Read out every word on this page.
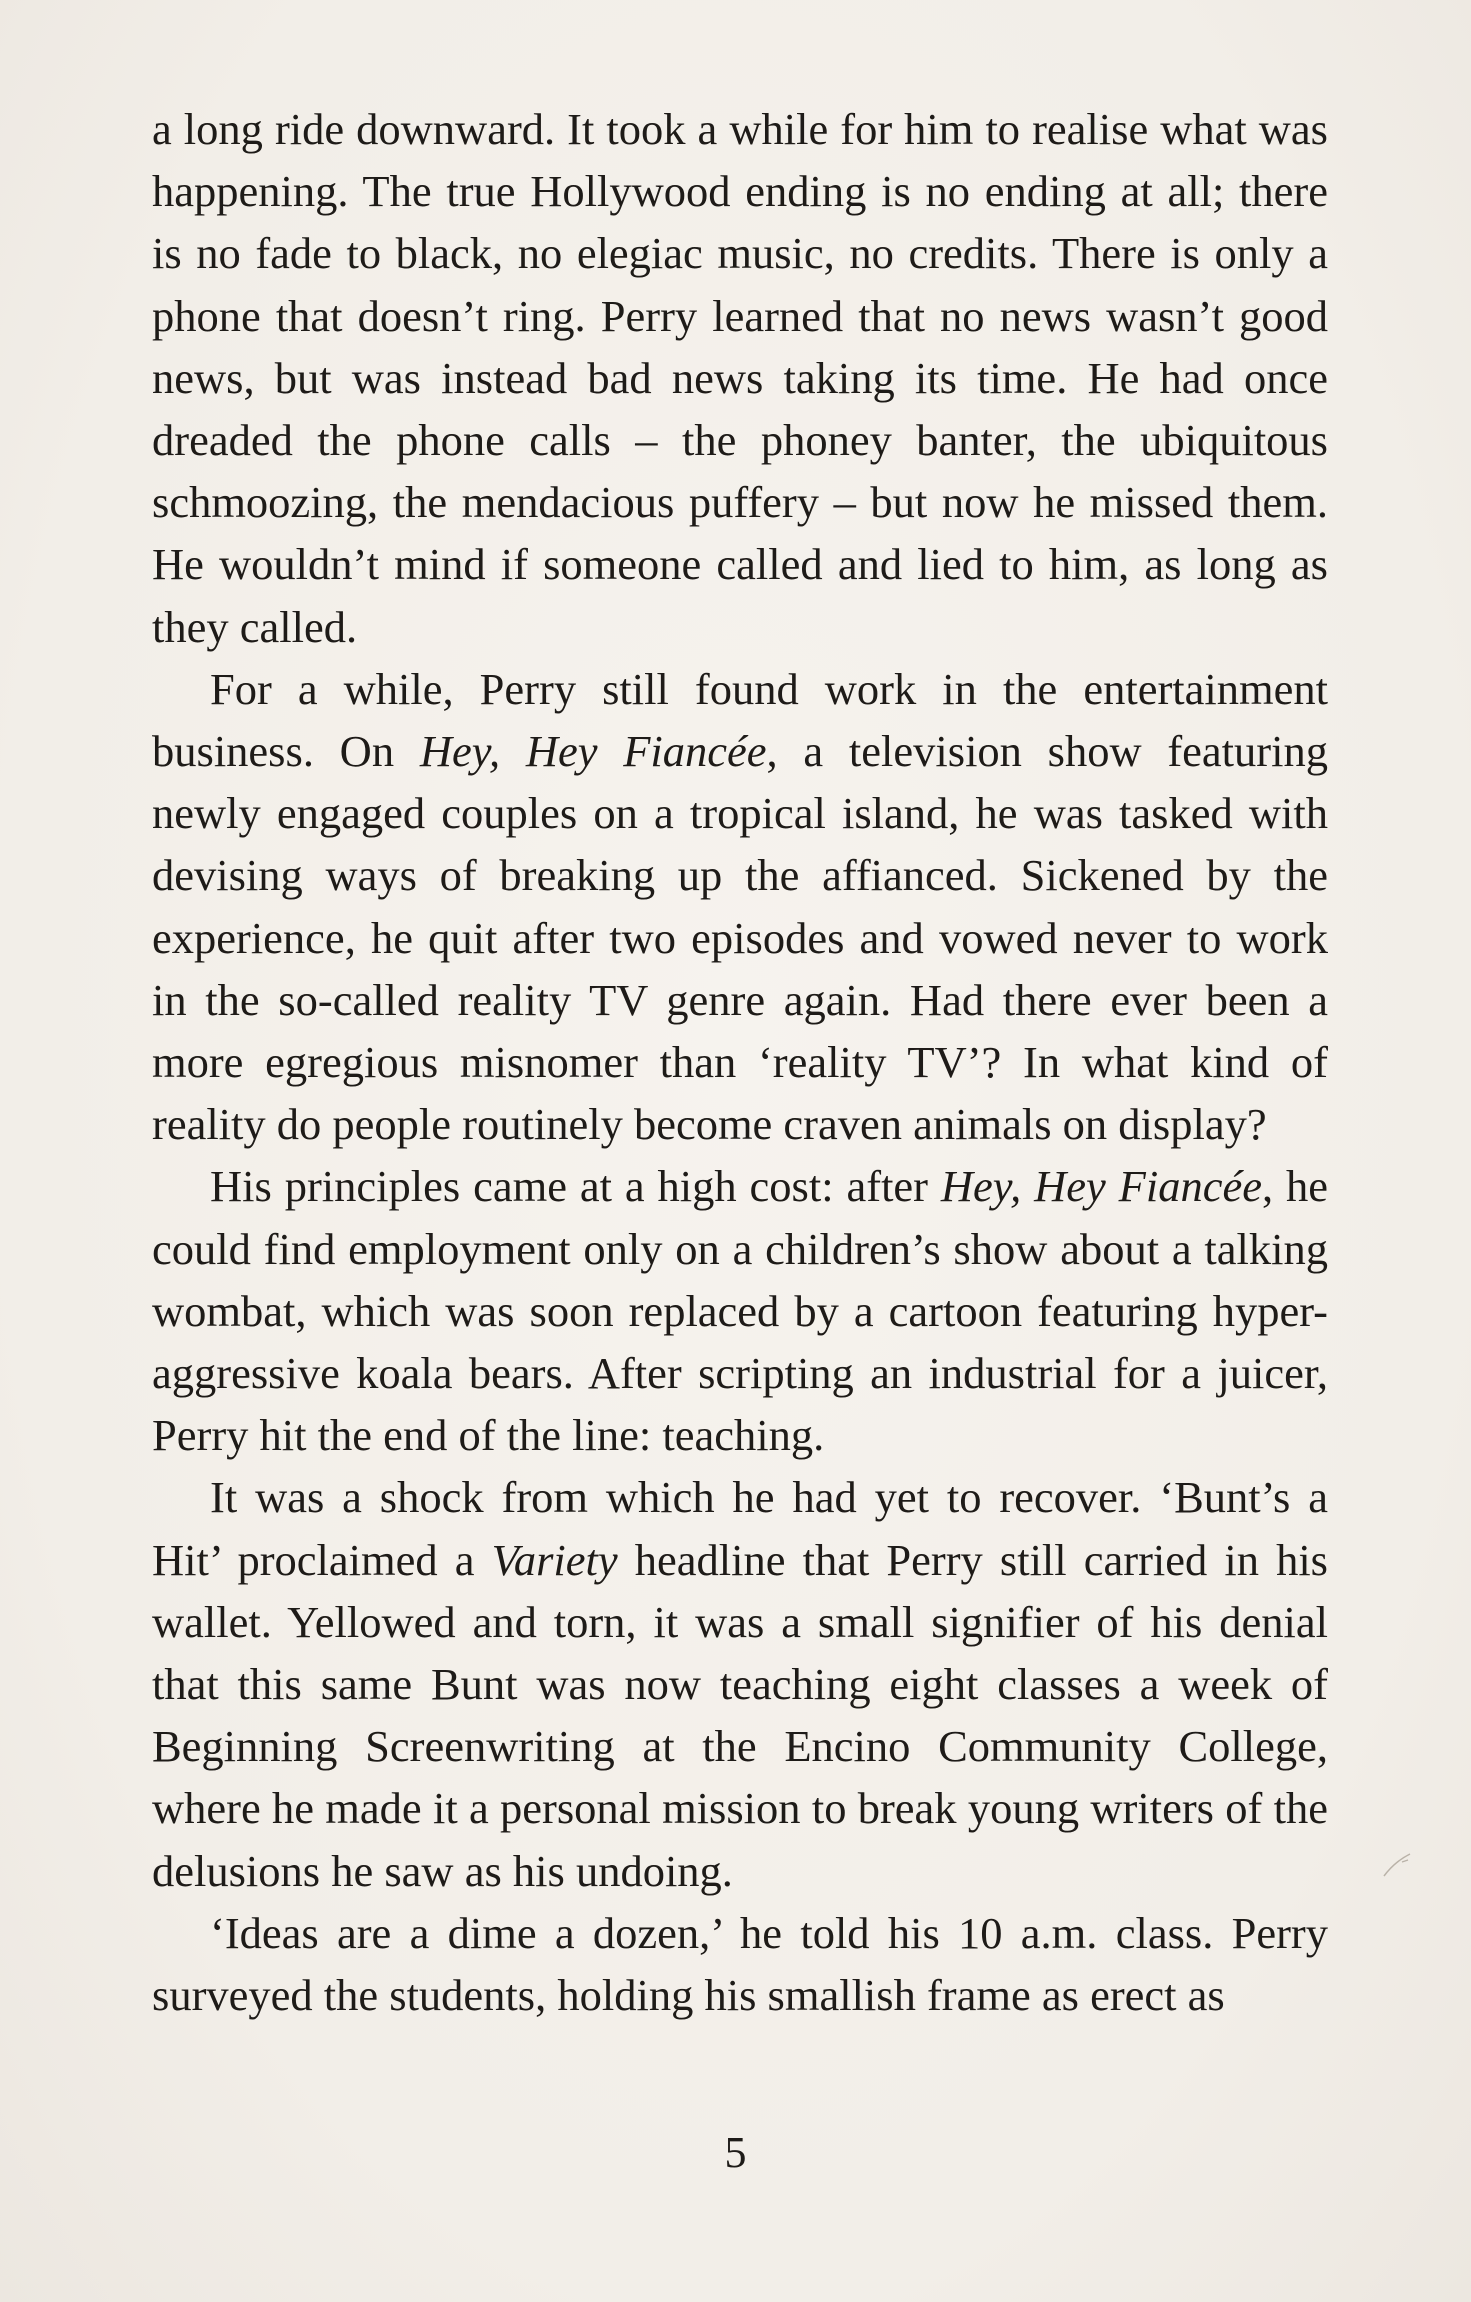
a long ride downward. It took a while for him to realise what was happening. The true Hollywood ending is no ending at all; there is no fade to black, no elegiac music, no credits. There is only a phone that doesn’t ring. Perry learned that no news wasn’t good news, but was instead bad news taking its time. He had once dreaded the phone calls – the phoney banter, the ubiquitous schmoozing, the mendacious puffery – but now he missed them. He wouldn’t mind if someone called and lied to him, as long as they called.

For a while, Perry still found work in the entertainment business. On Hey, Hey Fiancée, a television show featuring newly engaged couples on a tropical island, he was tasked with devising ways of breaking up the affianced. Sickened by the experience, he quit after two episodes and vowed never to work in the so-called reality TV genre again. Had there ever been a more egregious misnomer than ‘reality TV’? In what kind of reality do people routinely become craven animals on display?

His principles came at a high cost: after Hey, Hey Fiancée, he could find employment only on a children’s show about a talking wombat, which was soon replaced by a cartoon featuring hyper-aggressive koala bears. After scripting an industrial for a juicer, Perry hit the end of the line: teaching.

It was a shock from which he had yet to recover. ‘Bunt’s a Hit’ proclaimed a Variety headline that Perry still carried in his wallet. Yellowed and torn, it was a small signifier of his denial that this same Bunt was now teaching eight classes a week of Beginning Screenwriting at the Encino Community College, where he made it a personal mission to break young writers of the delusions he saw as his undoing.

‘Ideas are a dime a dozen,’ he told his 10 a.m. class. Perry surveyed the students, holding his smallish frame as erect as

5
